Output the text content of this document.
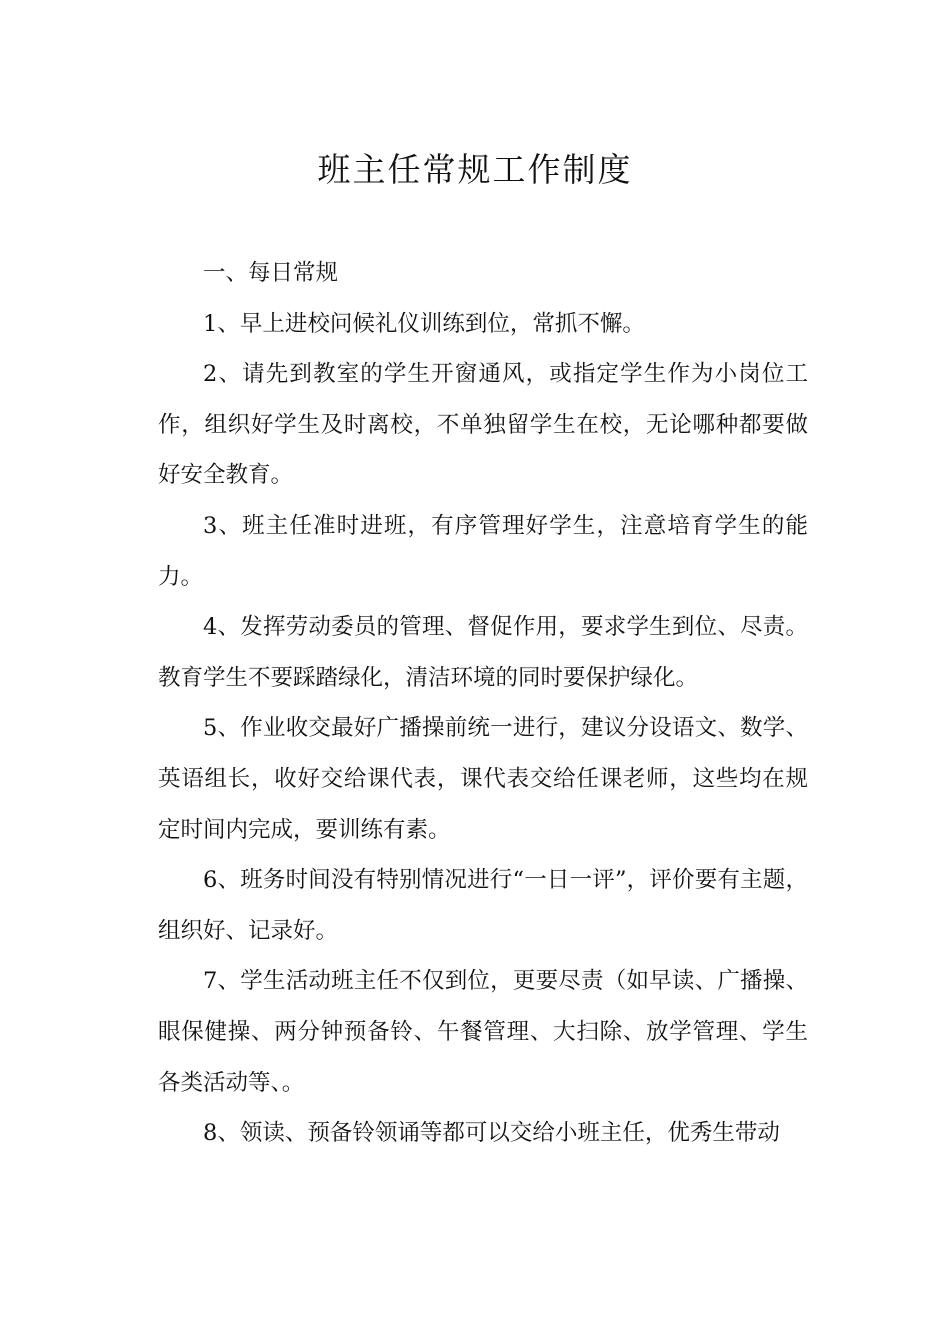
班主任常规工作制度

一、每日常规

1、早上进校问候礼仪训练到位，常抓不懈。

2、请先到教室的学生开窗通风，或指定学生作为小岗位工作，组织好学生及时离校，不单独留学生在校，无论哪种都要做好安全教育。

3、班主任准时进班，有序管理好学生，注意培育学生的能力。

4、发挥劳动委员的管理、督促作用，要求学生到位、尽责。教育学生不要踩踏绿化，清洁环境的同时要保护绿化。

5、作业收交最好广播操前统一进行，建议分设语文、数学、英语组长，收好交给课代表，课代表交给任课老师，这些均在规定时间内完成，要训练有素。

6、班务时间没有特别情况进行“一日一评”，评价要有主题，组织好、记录好。

7、学生活动班主任不仅到位，更要尽责（如早读、广播操、眼保健操、两分钟预备铃、午餐管理、大扫除、放学管理、学生各类活动等、。

8、领读、预备铃领诵等都可以交给小班主任，优秀生带动
